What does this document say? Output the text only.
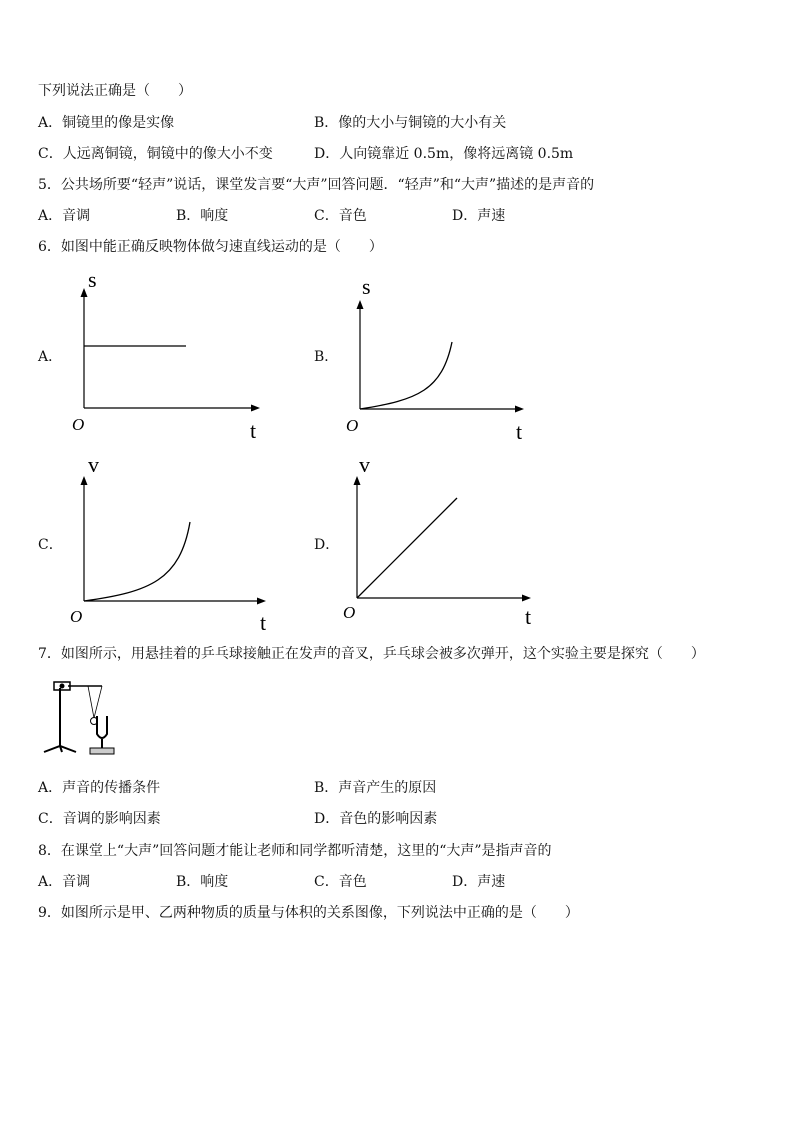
下列说法正确是（　　）
A．铜镜里的像是实像	B．像的大小与铜镜的大小有关
C．人远离铜镜，铜镜中的像大小不变	D．人向镜靠近 0.5m，像将远离镜 0.5m
5．公共场所要“轻声”说话，课堂发言要“大声”回答问题．“轻声”和“大声”描述的是声音的
A．音调	B．响度	C．音色	D．声速
6．如图中能正确反映物体做匀速直线运动的是（　　）
A．
s
t
O
B．
s
t
O
C．
v
t
O
D．
v
t
O
7．如图所示，用悬挂着的乒乓球接触正在发声的音叉，乒乓球会被多次弹开，这个实验主要是探究（　　）
A．声音的传播条件	B．声音产生的原因
C．音调的影响因素	D．音色的影响因素
8．在课堂上“大声”回答问题才能让老师和同学都听清楚，这里的“大声”是指声音的
A．音调	B．响度	C．音色	D．声速
9．如图所示是甲、乙两种物质的质量与体积的关系图像，下列说法中正确的是（　　）
